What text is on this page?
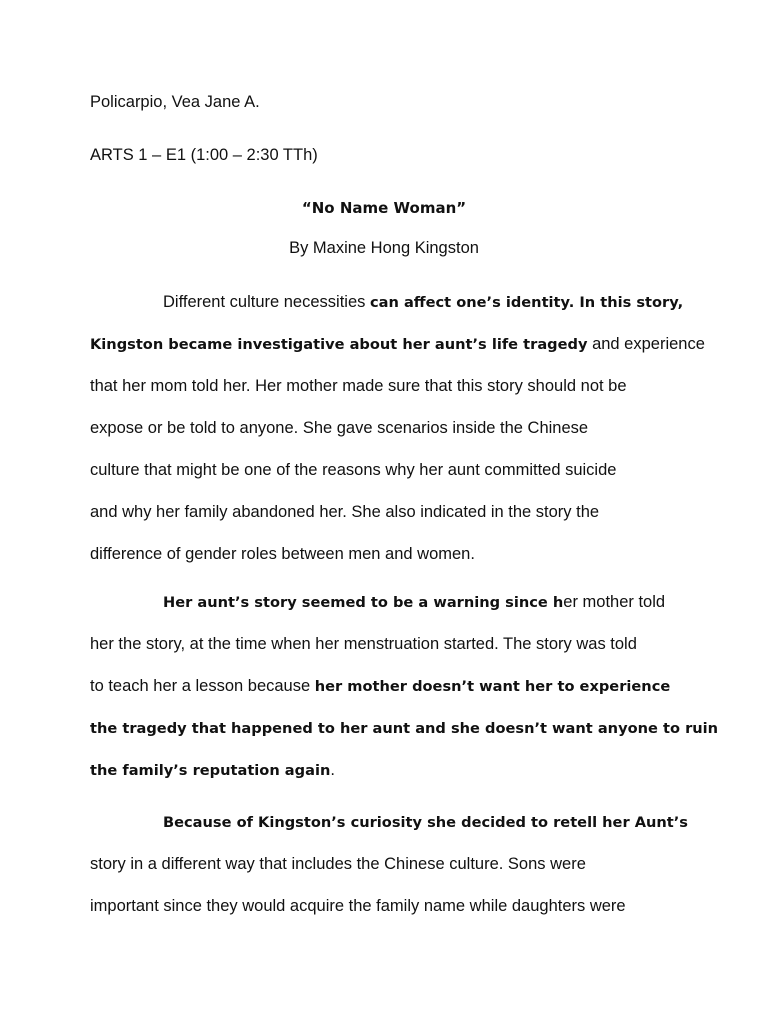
Policarpio, Vea Jane A.
ARTS 1 – E1 (1:00 – 2:30 TTh)
“No Name Woman”
By Maxine Hong Kingston
Different culture necessities can affect one’s identity. In this story,
Kingston became investigative about her aunt’s life tragedy and experience
that her mom told her. Her mother made sure that this story should not be
expose or be told to anyone. She gave scenarios inside the Chinese
culture that might be one of the reasons why her aunt committed suicide
and why her family abandoned her. She also indicated in the story the
difference of gender roles between men and women.
Her aunt’s story seemed to be a warning since her mother told
her the story, at the time when her menstruation started. The story was told
to teach her a lesson because her mother doesn’t want her to experience
the tragedy that happened to her aunt and she doesn’t want anyone to ruin
the family’s reputation again.
Because of Kingston’s curiosity she decided to retell her Aunt’s
story in a different way that includes the Chinese culture. Sons were
important since they would acquire the family name while daughters were
